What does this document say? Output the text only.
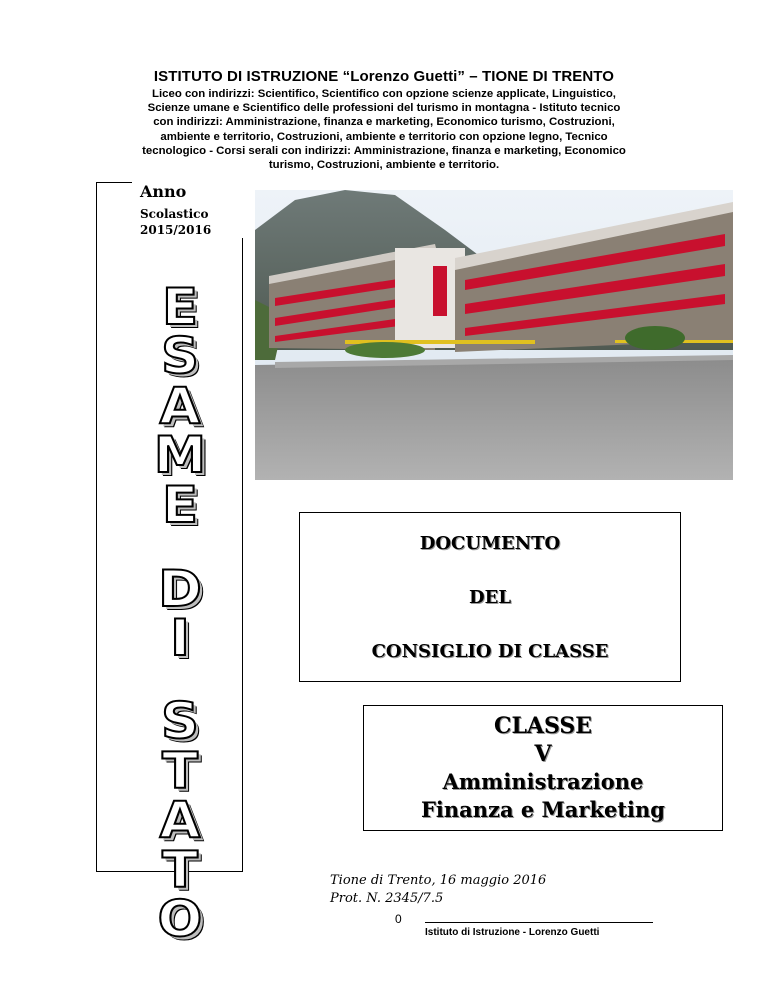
ISTITUTO DI ISTRUZIONE “Lorenzo Guetti” – TIONE DI TRENTO
Liceo con indirizzi: Scientifico, Scientifico con opzione scienze applicate, Linguistico,
Scienze umane e Scientifico delle professioni del turismo in montagna - Istituto tecnico
con indirizzi: Amministrazione, finanza e marketing, Economico turismo, Costruzioni,
ambiente e territorio, Costruzioni, ambiente e territorio con opzione legno, Tecnico
tecnologico - Corsi serali con indirizzi: Amministrazione, finanza e marketing, Economico
turismo, Costruzioni, ambiente e territorio.
Anno
Scolastico
2015/2016
E
S
A
M
E
D
I
S
T
A
T
O
DOCUMENTO
DEL
CONSIGLIO DI CLASSE
CLASSE
V
Amministrazione
Finanza e Marketing
Tione di Trento, 16 maggio 2016
Prot. N. 2345/7.5
0
Istituto di Istruzione - Lorenzo Guetti
